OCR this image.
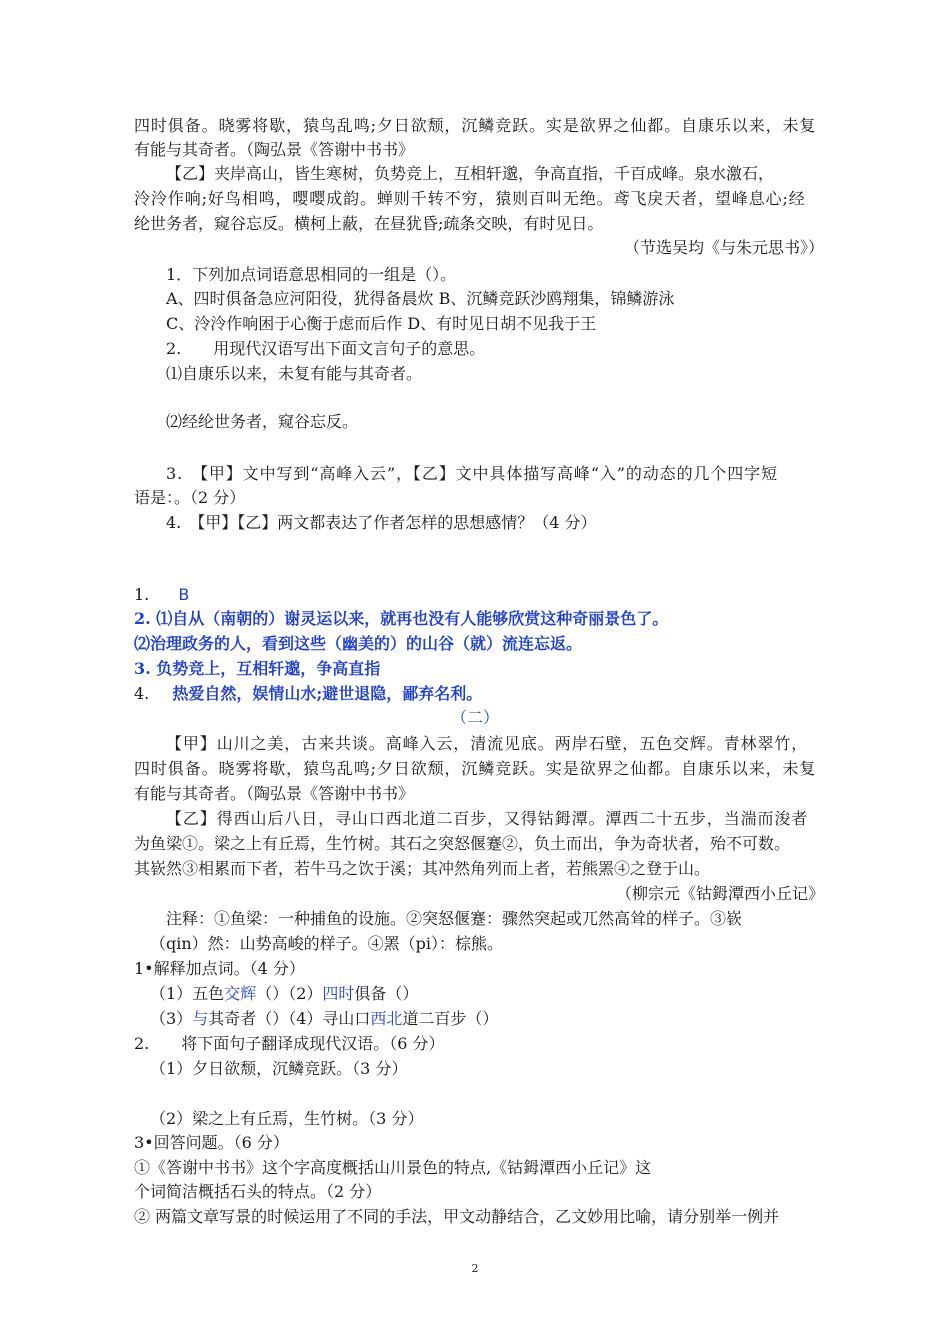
四时俱备。晓雾将歇，猿鸟乱鸣;夕日欲颓，沉鳞竞跃。实是欲界之仙都。自康乐以来，未复
有能与其奇者。（陶弘景《答谢中书书》
【乙】夹岸高山，皆生寒树，负势竞上，互相轩邈，争高直指，千百成峰。泉水激石，
泠泠作响;好鸟相鸣，嘤嘤成韵。蝉则千转不穷，猿则百叫无绝。鸢飞戾天者，望峰息心;经
纶世务者，窥谷忘反。横柯上蔽，在昼犹昏;疏条交映，有时见日。
（节选吴均《与朱元思书》）
1．下列加点词语意思相同的一组是（）。
A、四时俱备急应河阳役，犹得备晨炊 B、沉鳞竞跃沙鸥翔集，锦鳞游泳
C、泠泠作响困于心衡于虑而后作 D、有时见日胡不见我于王
2.　　用现代汉语写出下面文言句子的意思。
⑴自康乐以来，未复有能与其奇者。
⑵经纶世务者，窥谷忘反。
3.　【甲】文中写到“高峰入云”，【乙】文中具体描写高峰“入”的动态的几个四字短
语是：。（2 分）
4.　【甲】【乙】两文都表达了作者怎样的思想感情？（4 分）
1. B
2. ⑴自从（南朝的）谢灵运以来，就再也没有人能够欣赏这种奇丽景色了。
⑵治理政务的人，看到这些（幽美的）的山谷（就）流连忘返。
3. 负势竞上，互相轩邈，争高直指
4. 热爱自然，娱情山水;避世退隐，鄙弃名利。
（二）
【甲】山川之美，古来共谈。高峰入云，清流见底。两岸石壁，五色交辉。青林翠竹，
四时俱备。晓雾将歇，猿鸟乱鸣;夕日欲颓，沉鳞竞跃。实是欲界之仙都。自康乐以来，未复
有能与其奇者。（陶弘景《答谢中书书》
【乙】得西山后八日，寻山口西北道二百步，又得钴鉧潭。潭西二十五步，当湍而浚者
为鱼梁①。梁之上有丘焉，生竹树。其石之突怒偃蹇②，负土而出，争为奇状者，殆不可数。
其嵚然③相累而下者，若牛马之饮于溪；其冲然角列而上者，若熊罴④之登于山。
（柳宗元《钴鉧潭西小丘记》
注释：①鱼梁：一种捕鱼的设施。②突怒偃蹇：骤然突起或兀然高耸的样子。③嵚
（qin）然：山势高峻的样子。④罴（pi）：棕熊。
1•解释加点词。（4 分）
（1）五色交辉（）（2）四时俱备（）
（3）与其奇者（）（4）寻山口西北道二百步（）
2.　　将下面句子翻译成现代汉语。（6 分）
（1）夕日欲颓，沉鳞竞跃。（3 分）
（2）梁之上有丘焉，生竹树。（3 分）
3•回答问题。（6 分）
①《答谢中书书》这个字高度概括山川景色的特点,《钴鉧潭西小丘记》这
个词简洁概括石头的特点。（2 分）
② 两篇文章写景的时候运用了不同的手法，甲文动静结合，乙文妙用比喻，请分别举一例并
2
